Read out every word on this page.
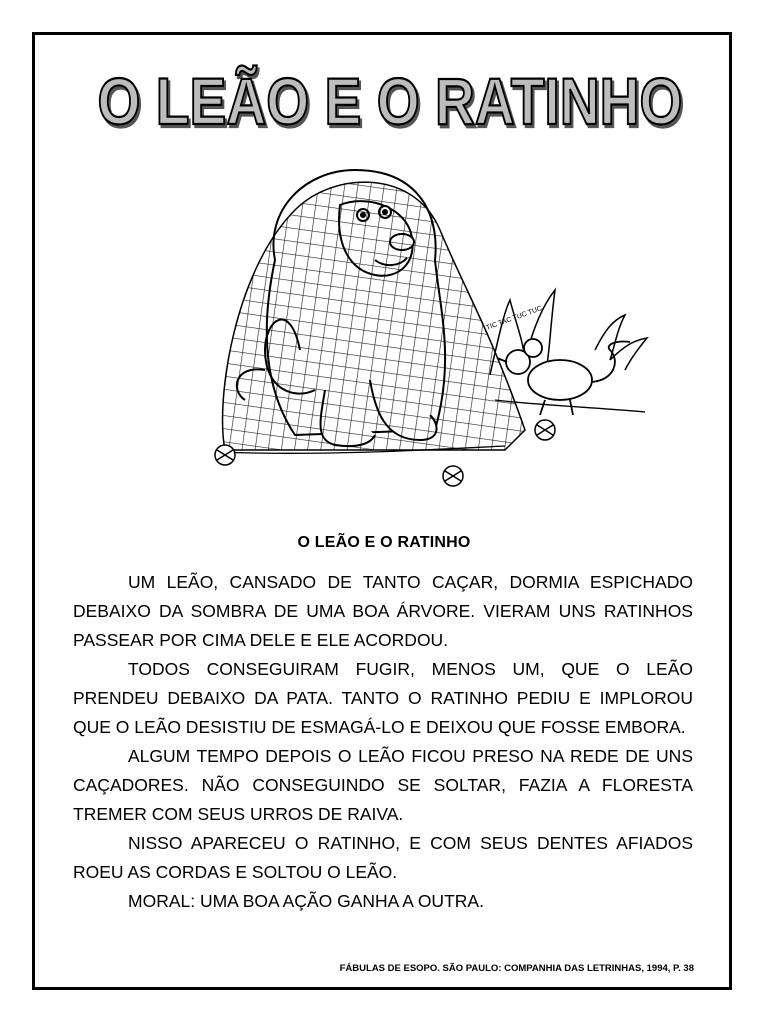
O LEÃO E O RATINHO
TIC TAC TUC TUC
O LEÃO E O RATINHO

UM LEÃO, CANSADO DE TANTO CAÇAR, DORMIA ESPICHADO DEBAIXO DA SOMBRA DE UMA BOA ÁRVORE. VIERAM UNS RATINHOS PASSEAR POR CIMA DELE E ELE ACORDOU.

TODOS CONSEGUIRAM FUGIR, MENOS UM, QUE O LEÃO PRENDEU DEBAIXO DA PATA. TANTO O RATINHO PEDIU E IMPLOROU QUE O LEÃO DESISTIU DE ESMAGÁ-LO E DEIXOU QUE FOSSE EMBORA.

ALGUM TEMPO DEPOIS O LEÃO FICOU PRESO NA REDE DE UNS CAÇADORES. NÃO CONSEGUINDO SE SOLTAR, FAZIA A FLORESTA TREMER COM SEUS URROS DE RAIVA.

NISSO APARECEU O RATINHO, E COM SEUS DENTES AFIADOS ROEU AS CORDAS E SOLTOU O LEÃO.

MORAL: UMA BOA AÇÃO GANHA A OUTRA.

FÁBULAS DE ESOPO. SÃO PAULO: COMPANHIA DAS LETRINHAS, 1994, P. 38
